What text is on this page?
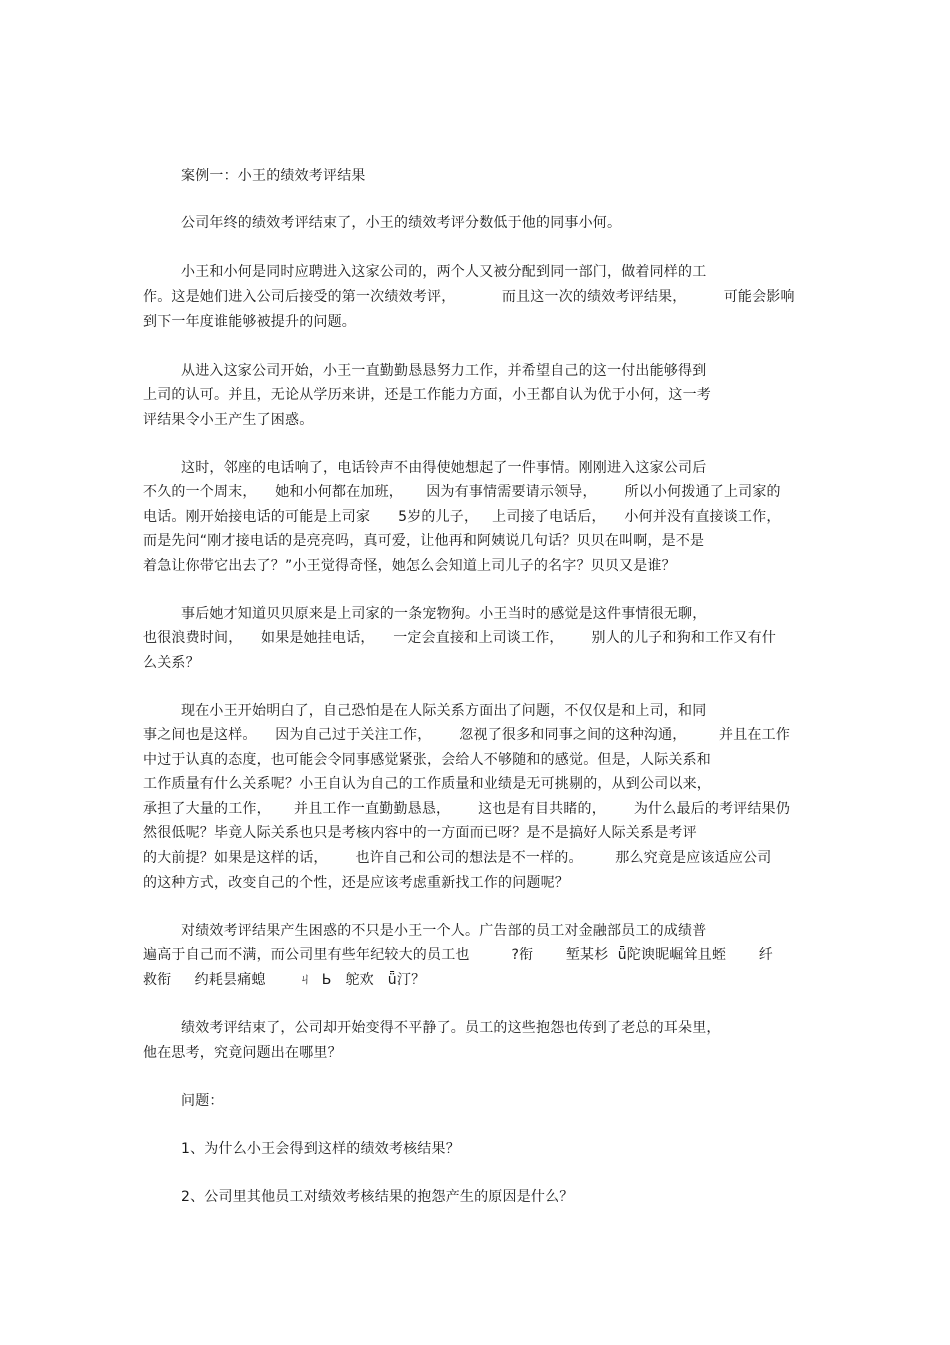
案例一：小王的绩效考评结果
公司年终的绩效考评结束了，小王的绩效考评分数低于他的同事小何。
小王和小何是同时应聘进入这家公司的，两个人又被分配到同一部门，做着同样的工
作。这是她们进入公司后接受的第一次绩效考评，          而且这一次的绩效考评结果，        可能会影响
到下一年度谁能够被提升的问题。
从进入这家公司开始，小王一直勤勤恳恳努力工作，并希望自己的这一付出能够得到
上司的认可。并且，无论从学历来讲，还是工作能力方面，小王都自认为优于小何，这一考
评结果令小王产生了困惑。
这时，邻座的电话响了，电话铃声不由得使她想起了一件事情。刚刚进入这家公司后
不久的一个周末，    她和小何都在加班，     因为有事情需要请示领导，      所以小何拨通了上司家的
电话。刚开始接电话的可能是上司家      5岁的儿子，   上司接了电话后，    小何并没有直接谈工作，
而是先问“刚才接电话的是亮亮吗，真可爱，让他再和阿姨说几句话？贝贝在叫啊，是不是
着急让你带它出去了？”小王觉得奇怪，她怎么会知道上司儿子的名字？贝贝又是谁？
事后她才知道贝贝原来是上司家的一条宠物狗。小王当时的感觉是这件事情很无聊，
也很浪费时间，    如果是她挂电话，    一定会直接和上司谈工作，      别人的儿子和狗和工作又有什
么关系？
现在小王开始明白了，自己恐怕是在人际关系方面出了问题，不仅仅是和上司，和同
事之间也是这样。    因为自己过于关注工作，      忽视了很多和同事之间的这种沟通，       并且在工作
中过于认真的态度，也可能会令同事感觉紧张，会给人不够随和的感觉。但是，人际关系和
工作质量有什么关系呢？小王自认为自己的工作质量和业绩是无可挑剔的，从到公司以来，
承担了大量的工作，     并且工作一直勤勤恳恳，      这也是有目共睹的，      为什么最后的考评结果仍
然很低呢？毕竟人际关系也只是考核内容中的一方面而已呀？是不是搞好人际关系是考评
的大前提？如果是这样的话，      也许自己和公司的想法是不一样的。       那么究竟是应该适应公司
的这种方式，改变自己的个性，还是应该考虑重新找工作的问题呢？
对绩效考评结果产生困惑的不只是小王一个人。广告部的员工对金融部员工的成绩普
遍高于自己而不满，而公司里有些年纪较大的员工也         ?衔       堑某杉  ǖ陀谀昵崛耸且蛭       纤
救衔     约耗昙痛螅       ㄐ  Ь   鸵欢   ǖ汀？
绩效考评结束了，公司却开始变得不平静了。员工的这些抱怨也传到了老总的耳朵里，
他在思考，究竟问题出在哪里？
问题：
1、为什么小王会得到这样的绩效考核结果？
2、公司里其他员工对绩效考核结果的抱怨产生的原因是什么？
